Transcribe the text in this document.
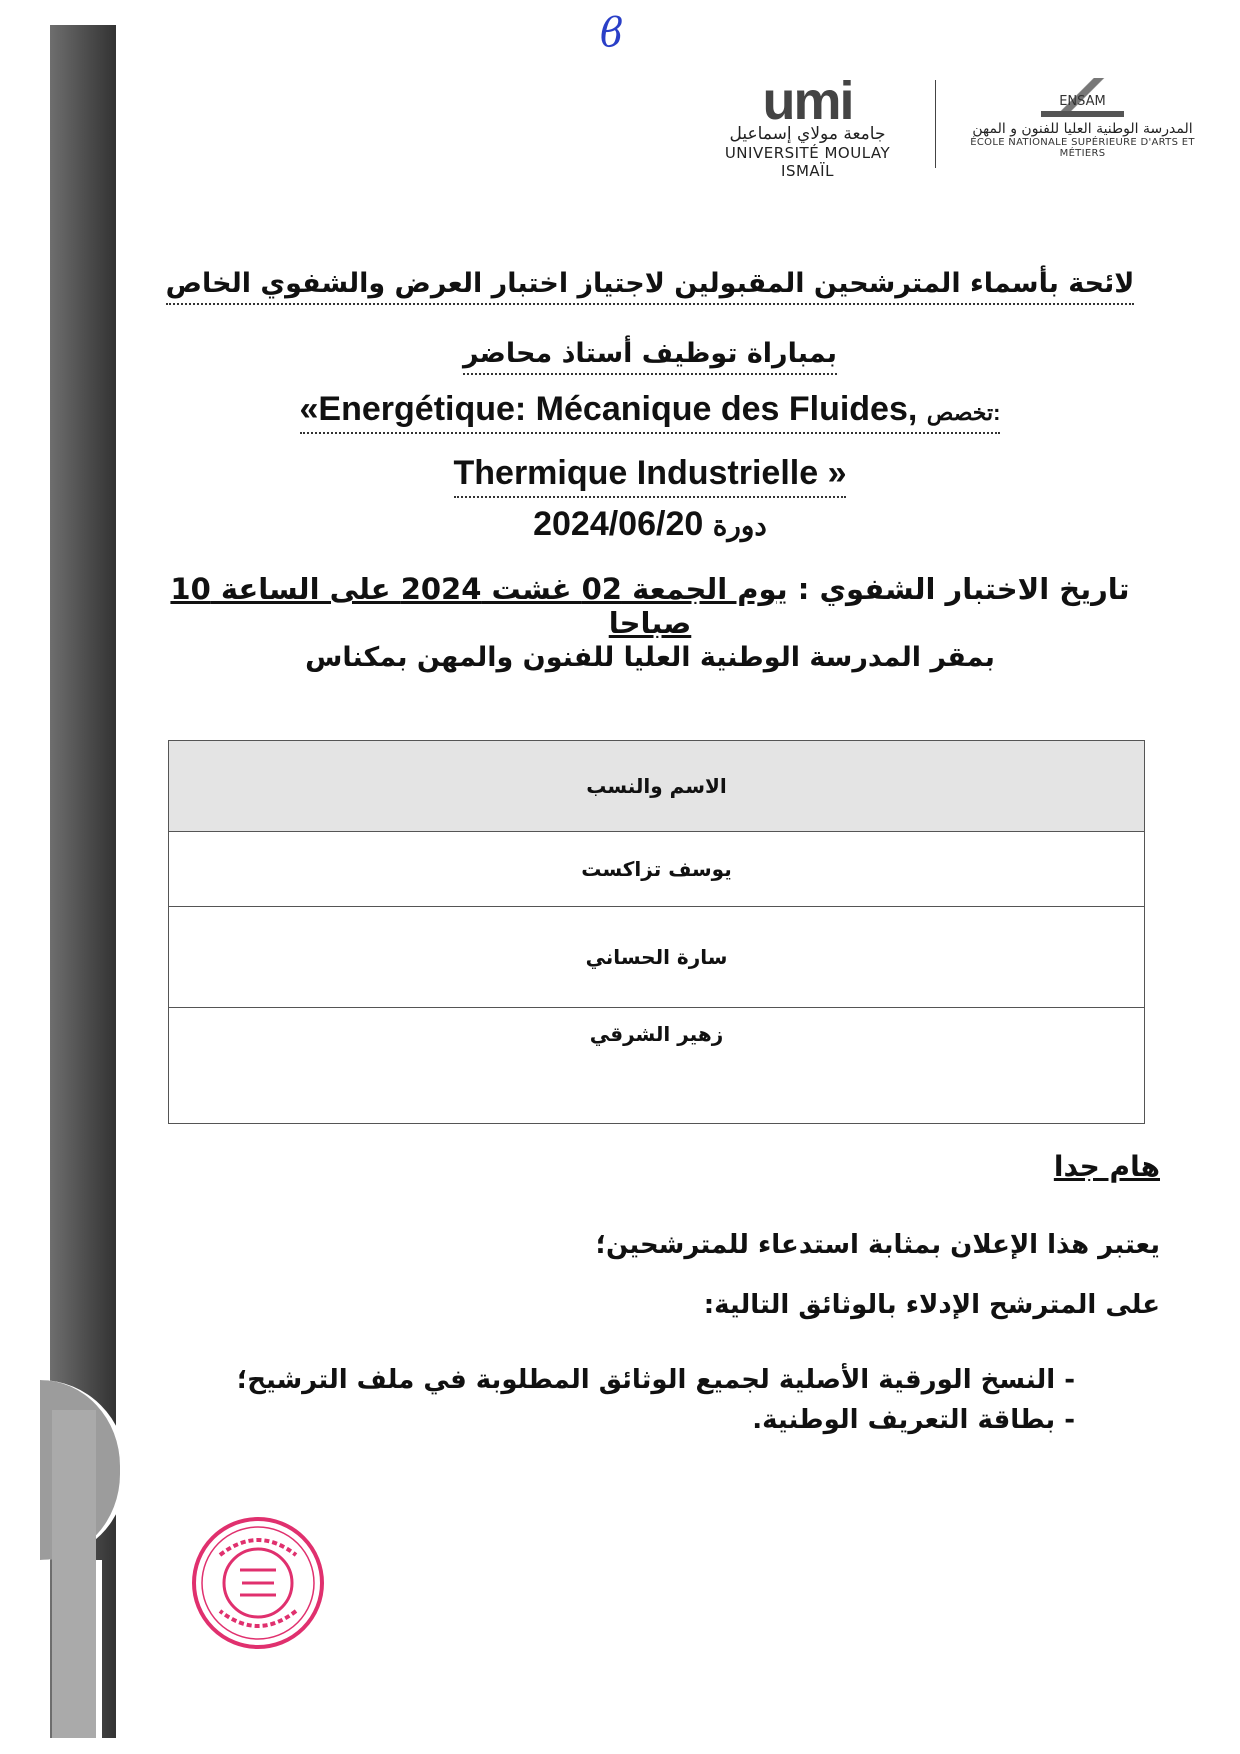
ϐ
umi
جامعة مولاي إسماعيل
UNIVERSITÉ MOULAY ISMAÏL
ENSAM
المدرسة الوطنية العليا للفنون و المهن
ÉCOLE NATIONALE SUPÉRIEURE D'ARTS ET MÉTIERS
لائحة بأسماء المترشحين المقبولين لاجتياز اختبار العرض والشفوي الخاص
بمباراة توظيف أستاذ محاضر
«Energétique: Mécanique des Fluides, تخصص:
Thermique Industrielle »
2024/06/20 دورة
تاريخ الاختبار الشفوي : يوم الجمعة 02 غشت 2024 على الساعة 10 صباحا
بمقر المدرسة الوطنية العليا للفنون والمهن بمكناس
الاسم والنسب
يوسف تزاكست
سارة الحساني
زهير الشرقي
هام جدا
يعتبر هذا الإعلان بمثابة استدعاء للمترشحين؛
على المترشح الإدلاء بالوثائق التالية:
- النسخ الورقية الأصلية لجميع الوثائق المطلوبة في ملف الترشيح؛
- بطاقة التعريف الوطنية.
